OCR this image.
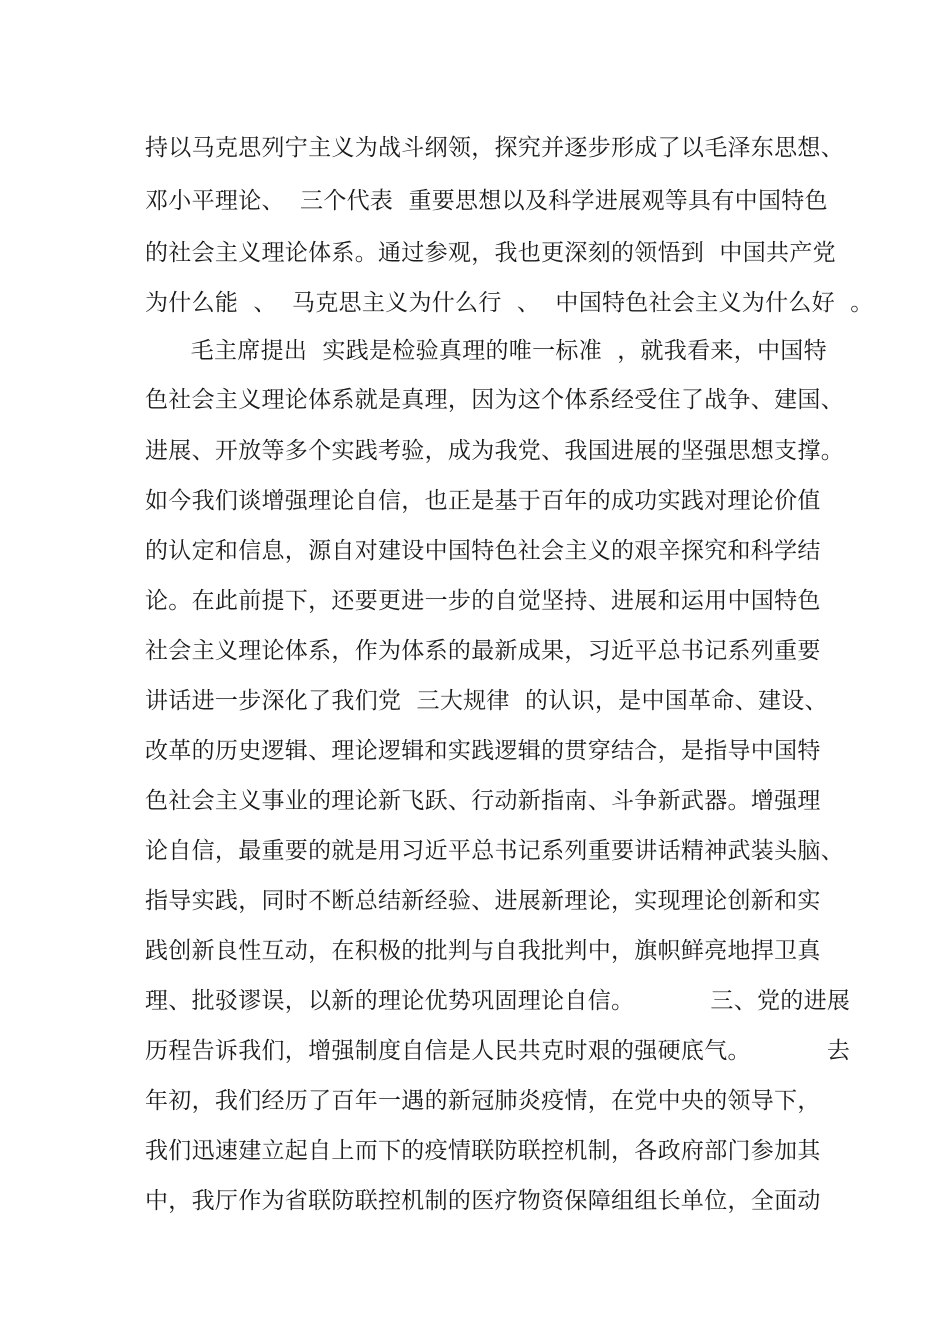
持以马克思列宁主义为战斗纲领，探究并逐步形成了以毛泽东思想、
邓小平理论、  三个代表  重要思想以及科学进展观等具有中国特色
的社会主义理论体系。通过参观，我也更深刻的领悟到  中国共产党
为什么能  、  马克思主义为什么行  、  中国特色社会主义为什么好  。
毛主席提出  实践是检验真理的唯一标准  ，就我看来，中国特
色社会主义理论体系就是真理，因为这个体系经受住了战争、建国、
进展、开放等多个实践考验，成为我党、我国进展的坚强思想支撑。
如今我们谈增强理论自信，也正是基于百年的成功实践对理论价值
的认定和信息，源自对建设中国特色社会主义的艰辛探究和科学结
论。在此前提下，还要更进一步的自觉坚持、进展和运用中国特色
社会主义理论体系，作为体系的最新成果，习近平总书记系列重要
讲话进一步深化了我们党  三大规律  的认识，是中国革命、建设、
改革的历史逻辑、理论逻辑和实践逻辑的贯穿结合，是指导中国特
色社会主义事业的理论新飞跃、行动新指南、斗争新武器。增强理
论自信，最重要的就是用习近平总书记系列重要讲话精神武装头脑、
指导实践，同时不断总结新经验、进展新理论，实现理论创新和实
践创新良性互动，在积极的批判与自我批判中，旗帜鲜亮地捍卫真
理、批驳谬误，以新的理论优势巩固理论自信。          三、党的进展
历程告诉我们，增强制度自信是人民共克时艰的强硬底气。          去
年初，我们经历了百年一遇的新冠肺炎疫情，在党中央的领导下，
我们迅速建立起自上而下的疫情联防联控机制，各政府部门参加其
中，我厅作为省联防联控机制的医疗物资保障组组长单位，全面动
